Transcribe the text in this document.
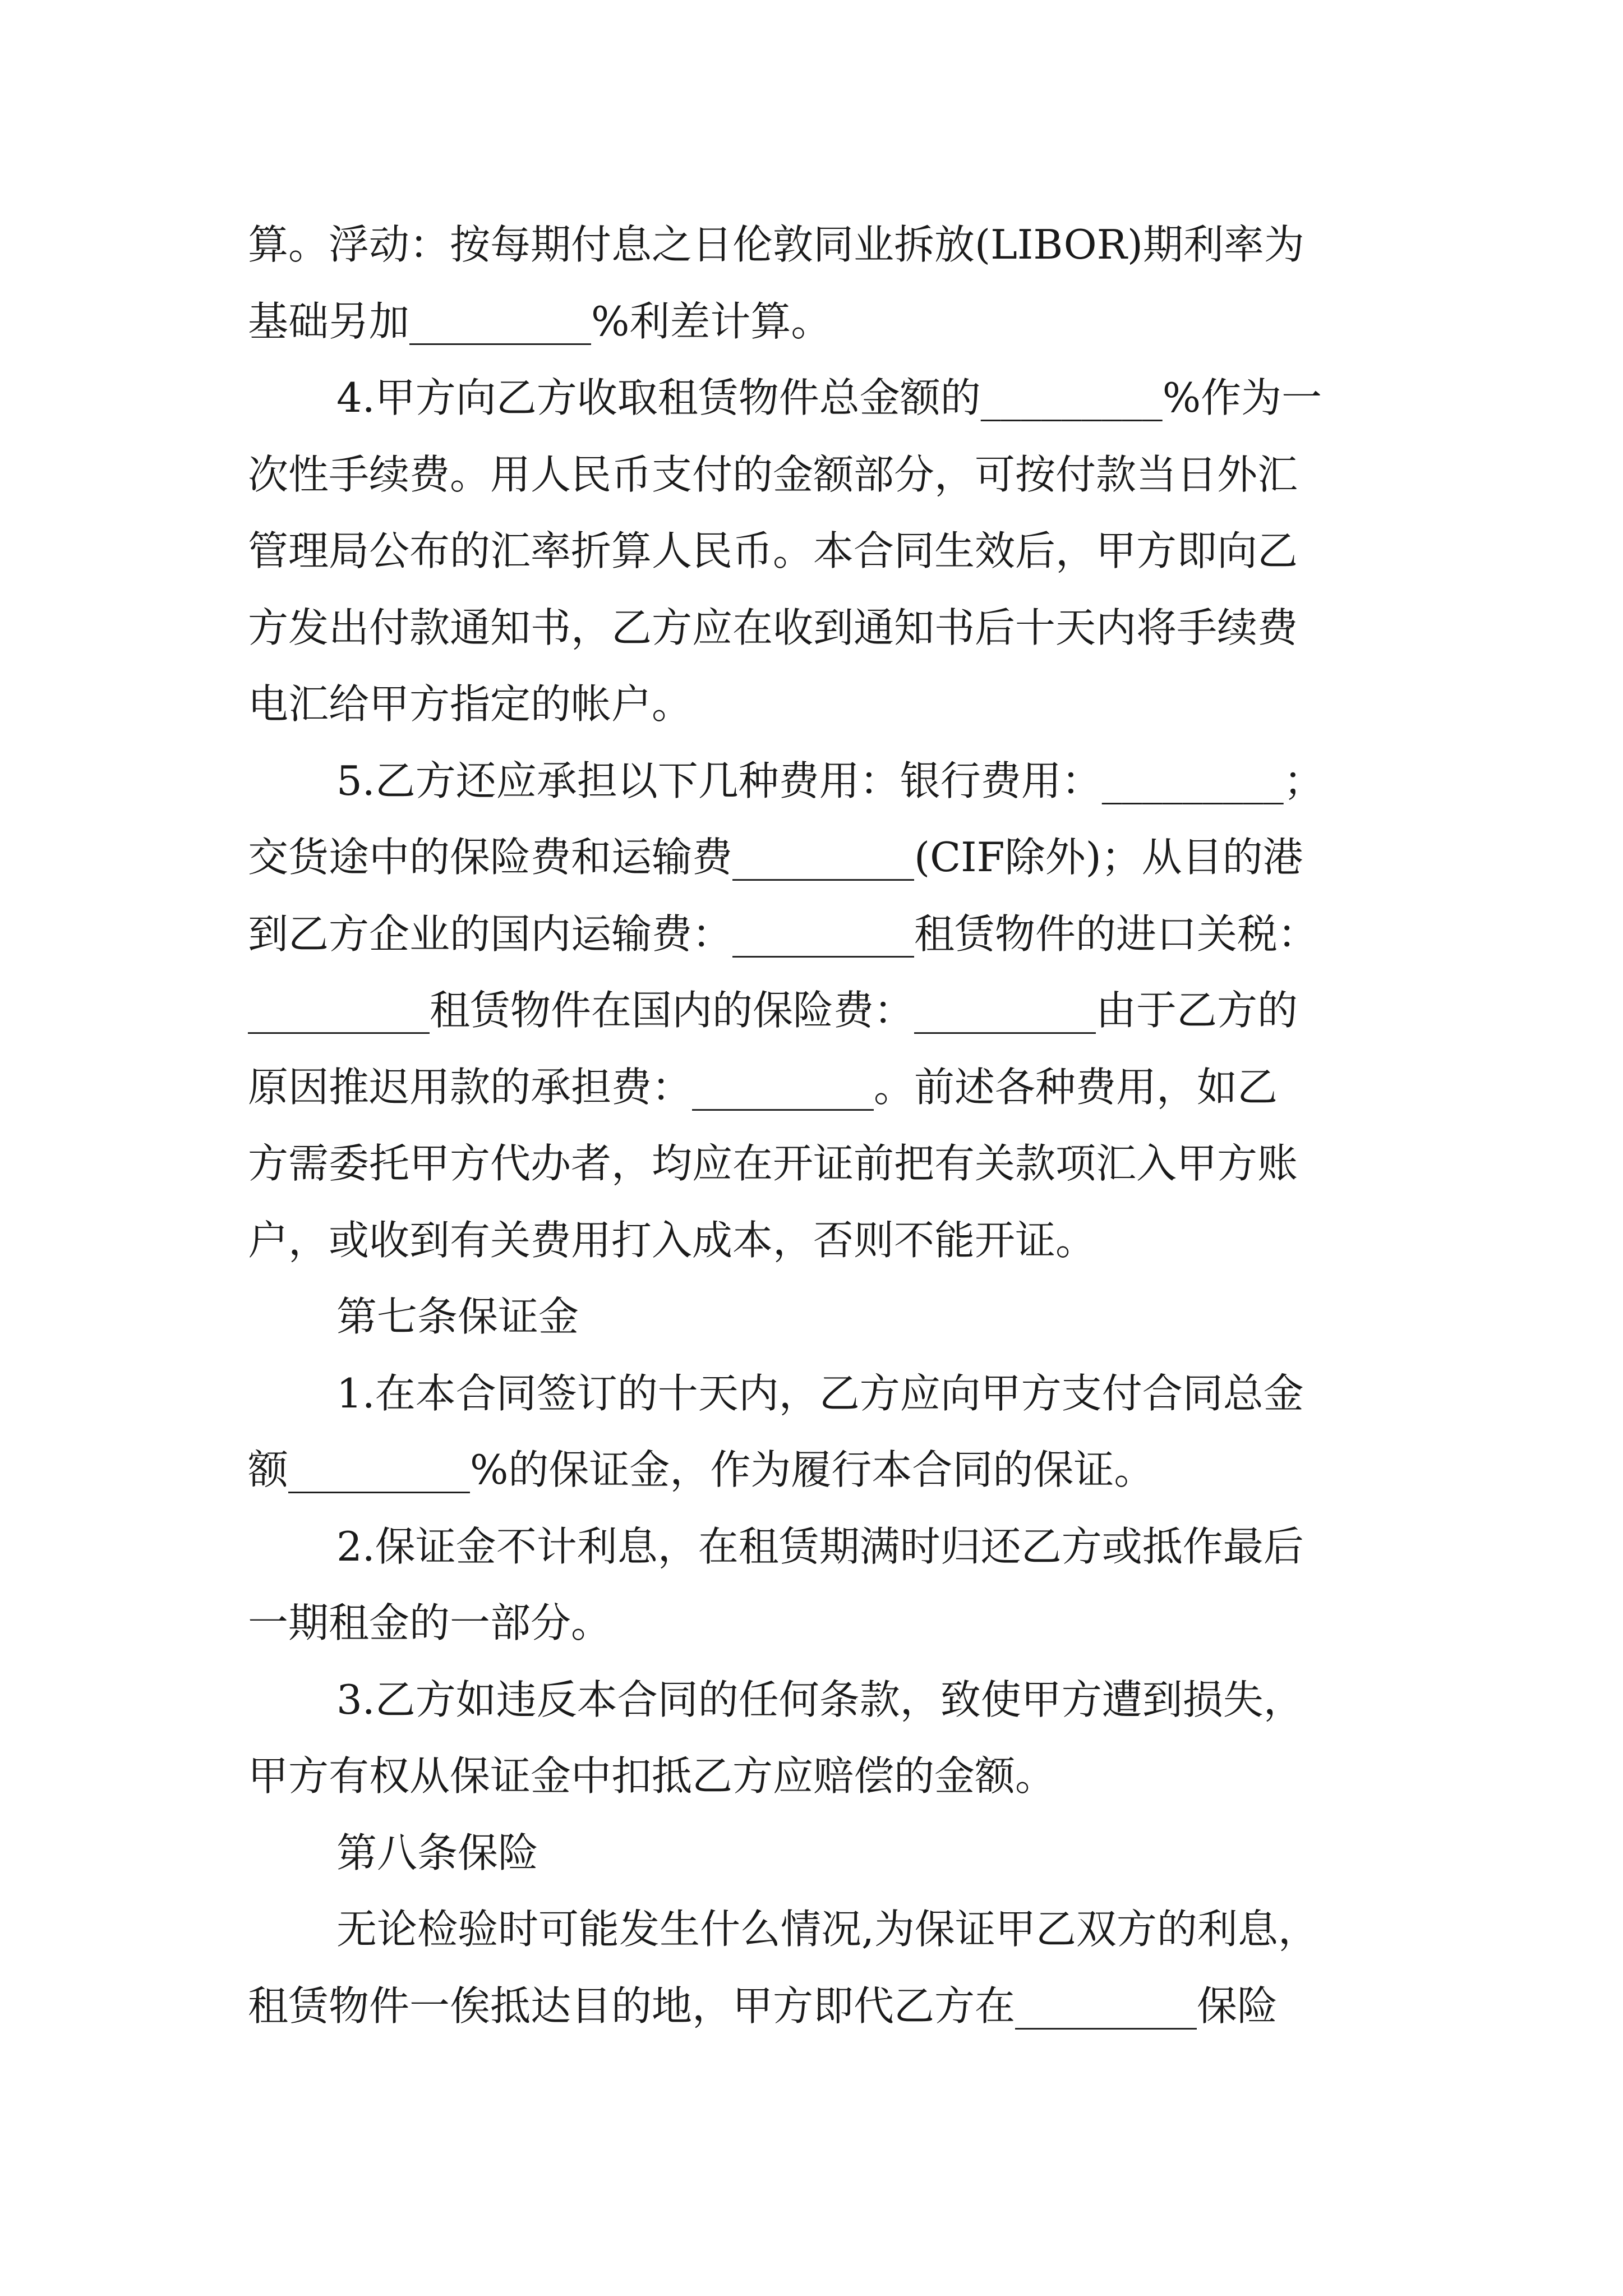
算。浮动：按每期付息之日伦敦同业拆放(LIBOR)期利率为
基础另加_________%利差计算。
4.甲方向乙方收取租赁物件总金额的_________%作为一
次性手续费。用人民币支付的金额部分，可按付款当日外汇
管理局公布的汇率折算人民币。本合同生效后，甲方即向乙
方发出付款通知书，乙方应在收到通知书后十天内将手续费
电汇给甲方指定的帐户。
5.乙方还应承担以下几种费用：银行费用：_________；
交货途中的保险费和运输费_________(CIF除外)；从目的港
到乙方企业的国内运输费：_________租赁物件的进口关税：
_________租赁物件在国内的保险费：_________由于乙方的
原因推迟用款的承担费：_________。前述各种费用，如乙
方需委托甲方代办者，均应在开证前把有关款项汇入甲方账
户，或收到有关费用打入成本，否则不能开证。
第七条保证金
1.在本合同签订的十天内，乙方应向甲方支付合同总金
额_________%的保证金，作为履行本合同的保证。
2.保证金不计利息，在租赁期满时归还乙方或抵作最后
一期租金的一部分。
3.乙方如违反本合同的任何条款，致使甲方遭到损失，
甲方有权从保证金中扣抵乙方应赔偿的金额。
第八条保险
无论检验时可能发生什么情况,为保证甲乙双方的利息，
租赁物件一俟抵达目的地，甲方即代乙方在_________保险
